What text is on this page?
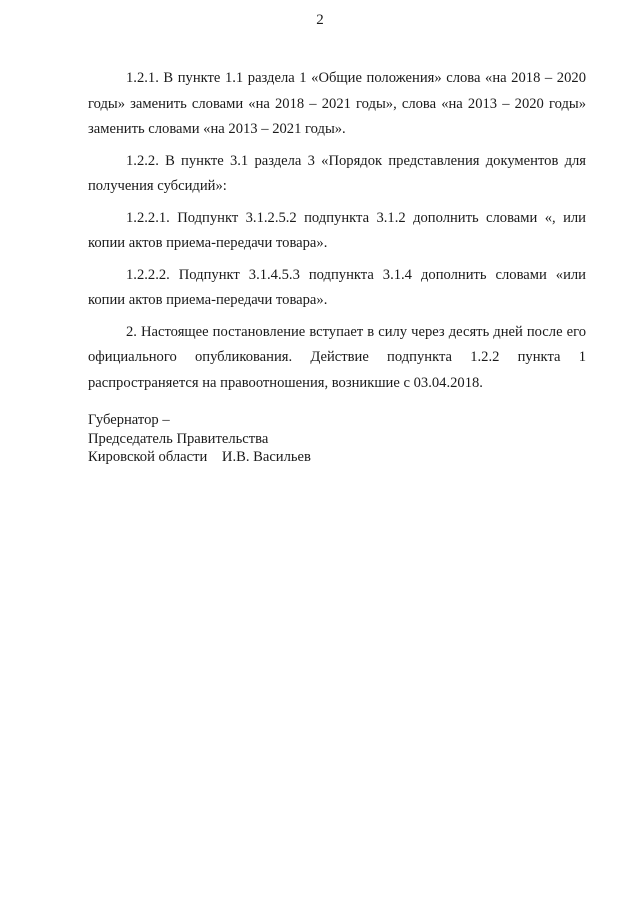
2

1.2.1. В пункте 1.1 раздела 1 «Общие положения» слова «на 2018 – 2020 годы» заменить словами «на 2018 – 2021 годы», слова «на 2013 – 2020 годы» заменить словами «на 2013 – 2021 годы».

1.2.2. В пункте 3.1 раздела 3 «Порядок представления документов для получения субсидий»:

1.2.2.1. Подпункт 3.1.2.5.2 подпункта 3.1.2 дополнить словами «, или копии актов приема-передачи товара».

1.2.2.2. Подпункт 3.1.4.5.3 подпункта 3.1.4 дополнить словами «или копии актов приема-передачи товара».

2. Настоящее постановление вступает в силу через десять дней после его официального опубликования. Действие подпункта 1.2.2 пункта 1 распространяется на правоотношения, возникшие с 03.04.2018.

Губернатор –
Председатель Правительства
Кировской области    И.В. Васильев
